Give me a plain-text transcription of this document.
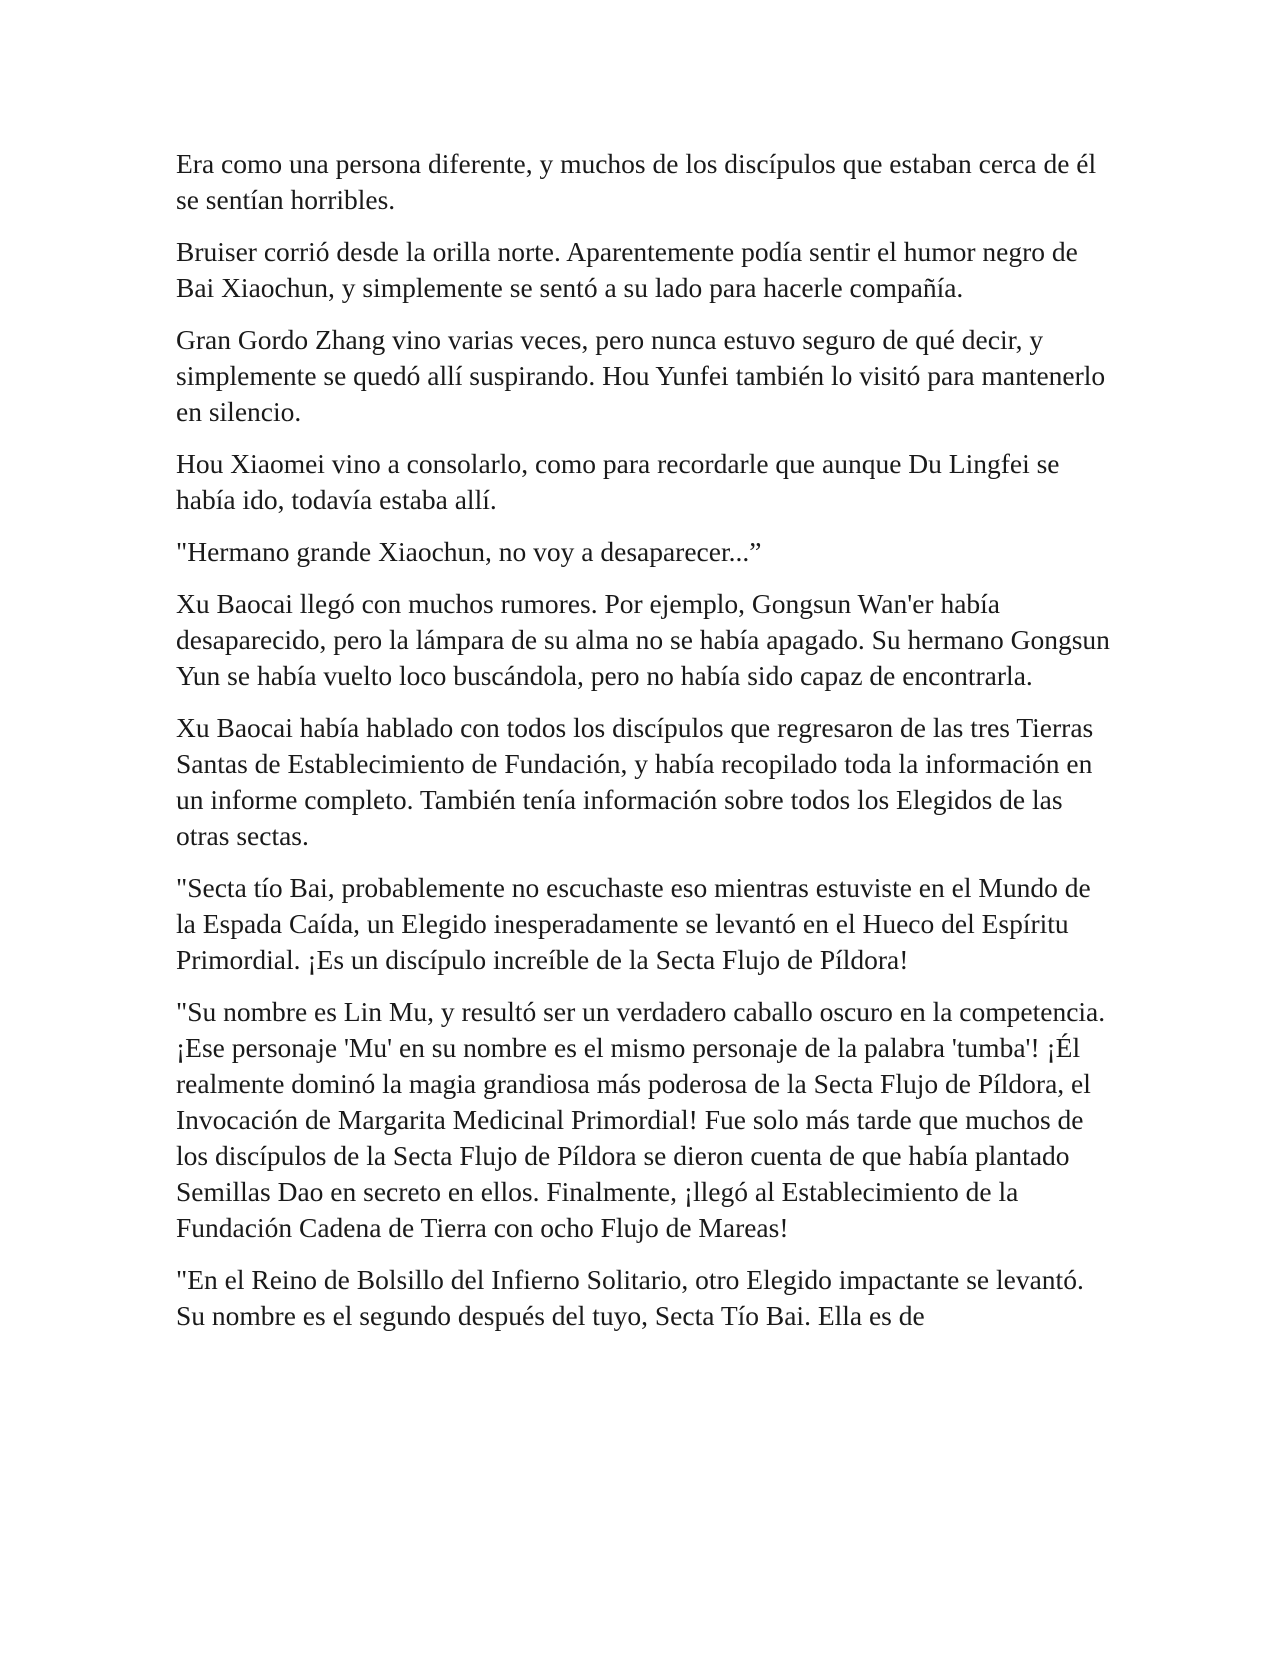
Era como una persona diferente, y muchos de los discípulos que estaban cerca de él se sentían horribles.

Bruiser corrió desde la orilla norte. Aparentemente podía sentir el humor negro de Bai Xiaochun, y simplemente se sentó a su lado para hacerle compañía.

Gran Gordo Zhang vino varias veces, pero nunca estuvo seguro de qué decir, y simplemente se quedó allí suspirando. Hou Yunfei también lo visitó para mantenerlo en silencio.

Hou Xiaomei vino a consolarlo, como para recordarle que aunque Du Lingfei se había ido, todavía estaba allí.

"Hermano grande Xiaochun, no voy a desaparecer...”

Xu Baocai llegó con muchos rumores. Por ejemplo, Gongsun Wan'er había desaparecido, pero la lámpara de su alma no se había apagado. Su hermano Gongsun Yun se había vuelto loco buscándola, pero no había sido capaz de encontrarla.

Xu Baocai había hablado con todos los discípulos que regresaron de las tres Tierras Santas de Establecimiento de Fundación, y había recopilado toda la información en un informe completo. También tenía información sobre todos los Elegidos de las otras sectas.

"Secta tío Bai, probablemente no escuchaste eso mientras estuviste en el Mundo de la Espada Caída, un Elegido inesperadamente se levantó en el Hueco del Espíritu Primordial. ¡Es un discípulo increíble de la Secta Flujo de Píldora!

"Su nombre es Lin Mu, y resultó ser un verdadero caballo oscuro en la competencia. ¡Ese personaje 'Mu' en su nombre es el mismo personaje de la palabra 'tumba'! ¡Él realmente dominó la magia grandiosa más poderosa de la Secta Flujo de Píldora, el Invocación de Margarita Medicinal Primordial! Fue solo más tarde que muchos de los discípulos de la Secta Flujo de Píldora se dieron cuenta de que había plantado Semillas Dao en secreto en ellos. Finalmente, ¡llegó al Establecimiento de la Fundación Cadena de Tierra con ocho Flujo de Mareas!

"En el Reino de Bolsillo del Infierno Solitario, otro Elegido impactante se levantó. Su nombre es el segundo después del tuyo, Secta Tío Bai. Ella es de
